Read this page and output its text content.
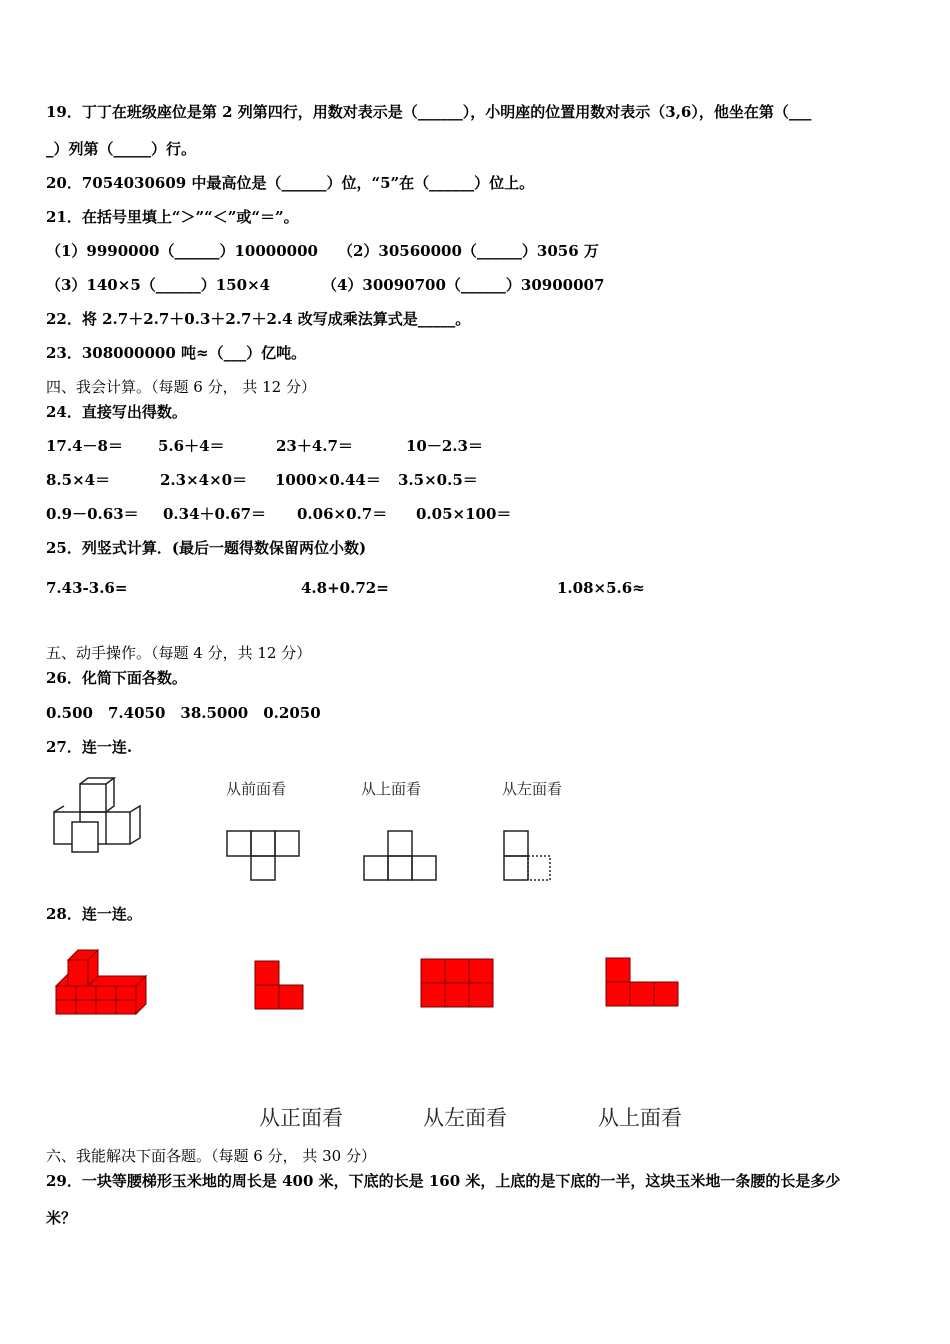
19．丁丁在班级座位是第 2 列第四行，用数对表示是（______），小明座的位置用数对表示（3,6），他坐在第（___
_）列第（_____）行。
20．7054030609 中最高位是（______）位，“5”在（______）位上。
21．在括号里填上“＞”“＜”或“＝”。
（1）9990000（______）10000000 （2）30560000（______）3056 万
（3）140×5（______）150×4	（4）30090700（______）30900007
22．将 2.7＋2.7＋0.3＋2.7＋2.4 改写成乘法算式是_____。
23．308000000 吨≈（___）亿吨。
四、我会计算。（每题 6 分， 共 12 分）
24．直接写出得数。
17.4－8＝ 5.6＋4＝	23＋4.7＝	10－2.3＝
8.5×4＝	2.3×4×0＝ 1000×0.44＝ 3.5×0.5＝
0.9－0.63＝ 0.34＋0.67＝ 0.06×0.7＝ 0.05×100＝
25．列竖式计算．(最后一题得数保留两位小数)
7.43-3.6=	4.8+0.72=	1.08×5.6≈
五、动手操作。（每题 4 分，共 12 分）
26．化简下面各数。
0.500　7.4050　38.5000　0.2050
27．连一连.
从前面看	从上面看	从左面看
28．连一连。
从正面看	从左面看	从上面看
六、我能解决下面各题。（每题 6 分， 共 30 分）
29．一块等腰梯形玉米地的周长是 400 米，下底的长是 160 米，上底的是下底的一半，这块玉米地一条腰的长是多少
米？
